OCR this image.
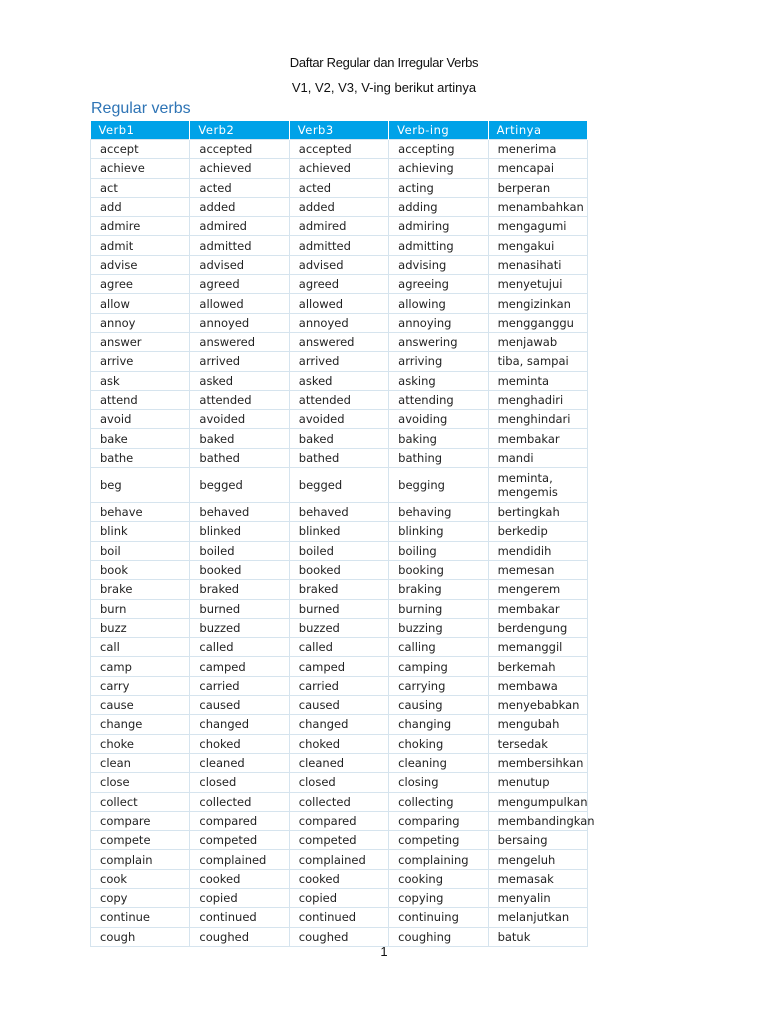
Daftar Regular dan Irregular Verbs
V1, V2, V3, V-ing berikut artinya
Regular verbs
Verb1	Verb2	Verb3	Verb-ing	Artinya
accept	accepted	accepted	accepting	menerima
achieve	achieved	achieved	achieving	mencapai
act	acted	acted	acting	berperan
add	added	added	adding	menambahkan
admire	admired	admired	admiring	mengagumi
admit	admitted	admitted	admitting	mengakui
advise	advised	advised	advising	menasihati
agree	agreed	agreed	agreeing	menyetujui
allow	allowed	allowed	allowing	mengizinkan
annoy	annoyed	annoyed	annoying	mengganggu
answer	answered	answered	answering	menjawab
arrive	arrived	arrived	arriving	tiba, sampai
ask	asked	asked	asking	meminta
attend	attended	attended	attending	menghadiri
avoid	avoided	avoided	avoiding	menghindari
bake	baked	baked	baking	membakar
bathe	bathed	bathed	bathing	mandi
beg	begged	begged	begging	meminta, mengemis
behave	behaved	behaved	behaving	bertingkah
blink	blinked	blinked	blinking	berkedip
boil	boiled	boiled	boiling	mendidih
book	booked	booked	booking	memesan
brake	braked	braked	braking	mengerem
burn	burned	burned	burning	membakar
buzz	buzzed	buzzed	buzzing	berdengung
call	called	called	calling	memanggil
camp	camped	camped	camping	berkemah
carry	carried	carried	carrying	membawa
cause	caused	caused	causing	menyebabkan
change	changed	changed	changing	mengubah
choke	choked	choked	choking	tersedak
clean	cleaned	cleaned	cleaning	membersihkan
close	closed	closed	closing	menutup
collect	collected	collected	collecting	mengumpulkan
compare	compared	compared	comparing	membandingkan
compete	competed	competed	competing	bersaing
complain	complained	complained	complaining	mengeluh
cook	cooked	cooked	cooking	memasak
copy	copied	copied	copying	menyalin
continue	continued	continued	continuing	melanjutkan
cough	coughed	coughed	coughing	batuk
1
